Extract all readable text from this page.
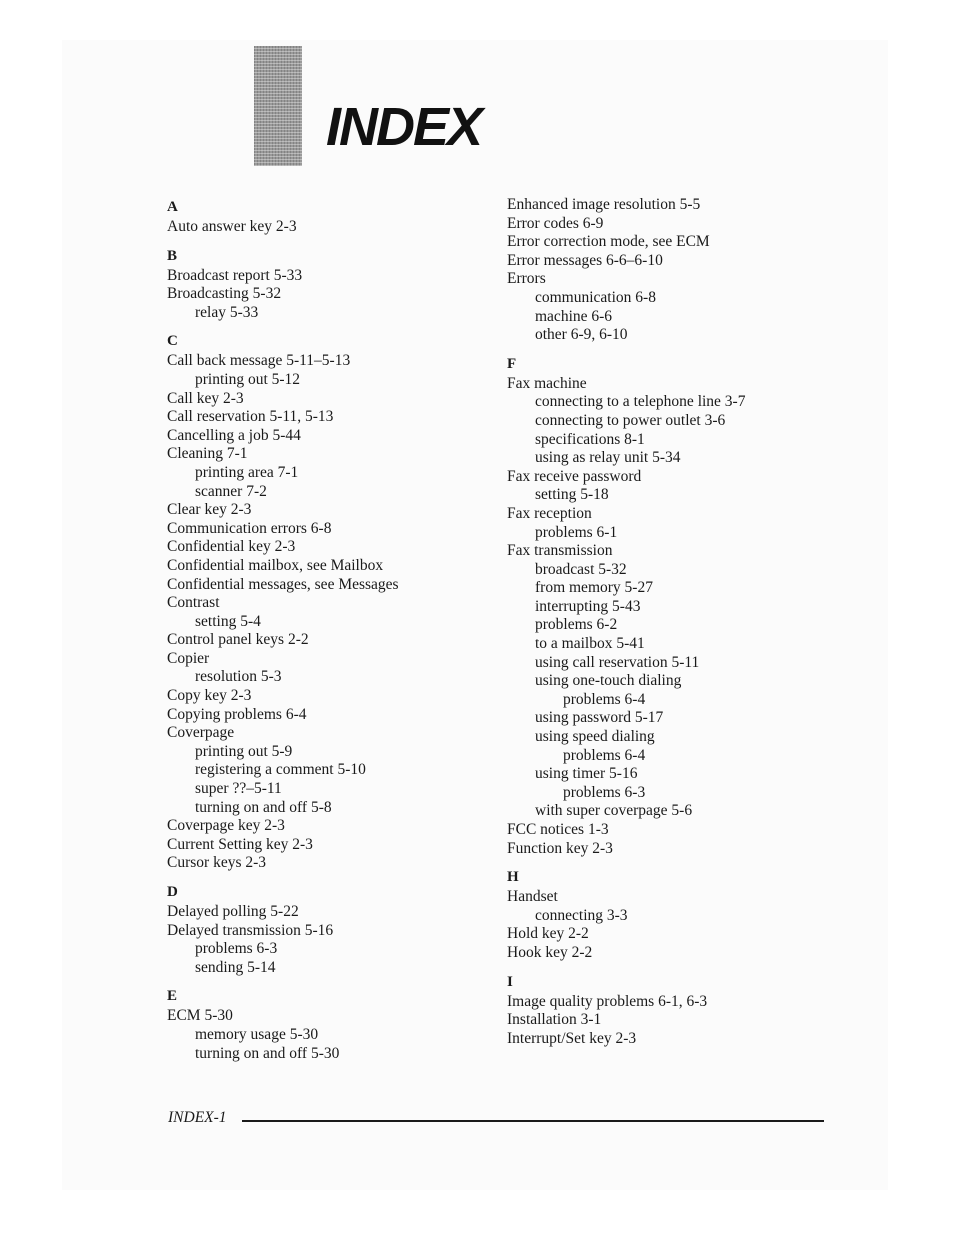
INDEX
A
Auto answer key 2-3
B
Broadcast report 5-33
Broadcasting 5-32
relay 5-33
C
Call back message 5-11–5-13
printing out 5-12
Call key 2-3
Call reservation 5-11, 5-13
Cancelling a job 5-44
Cleaning 7-1
printing area 7-1
scanner 7-2
Clear key 2-3
Communication errors 6-8
Confidential key 2-3
Confidential mailbox, see Mailbox
Confidential messages, see Messages
Contrast
setting 5-4
Control panel keys 2-2
Copier
resolution 5-3
Copy key 2-3
Copying problems 6-4
Coverpage
printing out 5-9
registering a comment 5-10
super ??–5-11
turning on and off 5-8
Coverpage key 2-3
Current Setting key 2-3
Cursor keys 2-3
D
Delayed polling 5-22
Delayed transmission 5-16
problems 6-3
sending 5-14
E
ECM 5-30
memory usage 5-30
turning on and off 5-30
Enhanced image resolution 5-5
Error codes 6-9
Error correction mode, see ECM
Error messages 6-6–6-10
Errors
communication 6-8
machine 6-6
other 6-9, 6-10
F
Fax machine
connecting to a telephone line 3-7
connecting to power outlet 3-6
specifications 8-1
using as relay unit 5-34
Fax receive password
setting 5-18
Fax reception
problems 6-1
Fax transmission
broadcast 5-32
from memory 5-27
interrupting 5-43
problems 6-2
to a mailbox 5-41
using call reservation 5-11
using one-touch dialing
problems 6-4
using password 5-17
using speed dialing
problems 6-4
using timer 5-16
problems 6-3
with super coverpage 5-6
FCC notices 1-3
Function key 2-3
H
Handset
connecting 3-3
Hold key 2-2
Hook key 2-2
I
Image quality problems 6-1, 6-3
Installation 3-1
Interrupt/Set key 2-3
INDEX-1
